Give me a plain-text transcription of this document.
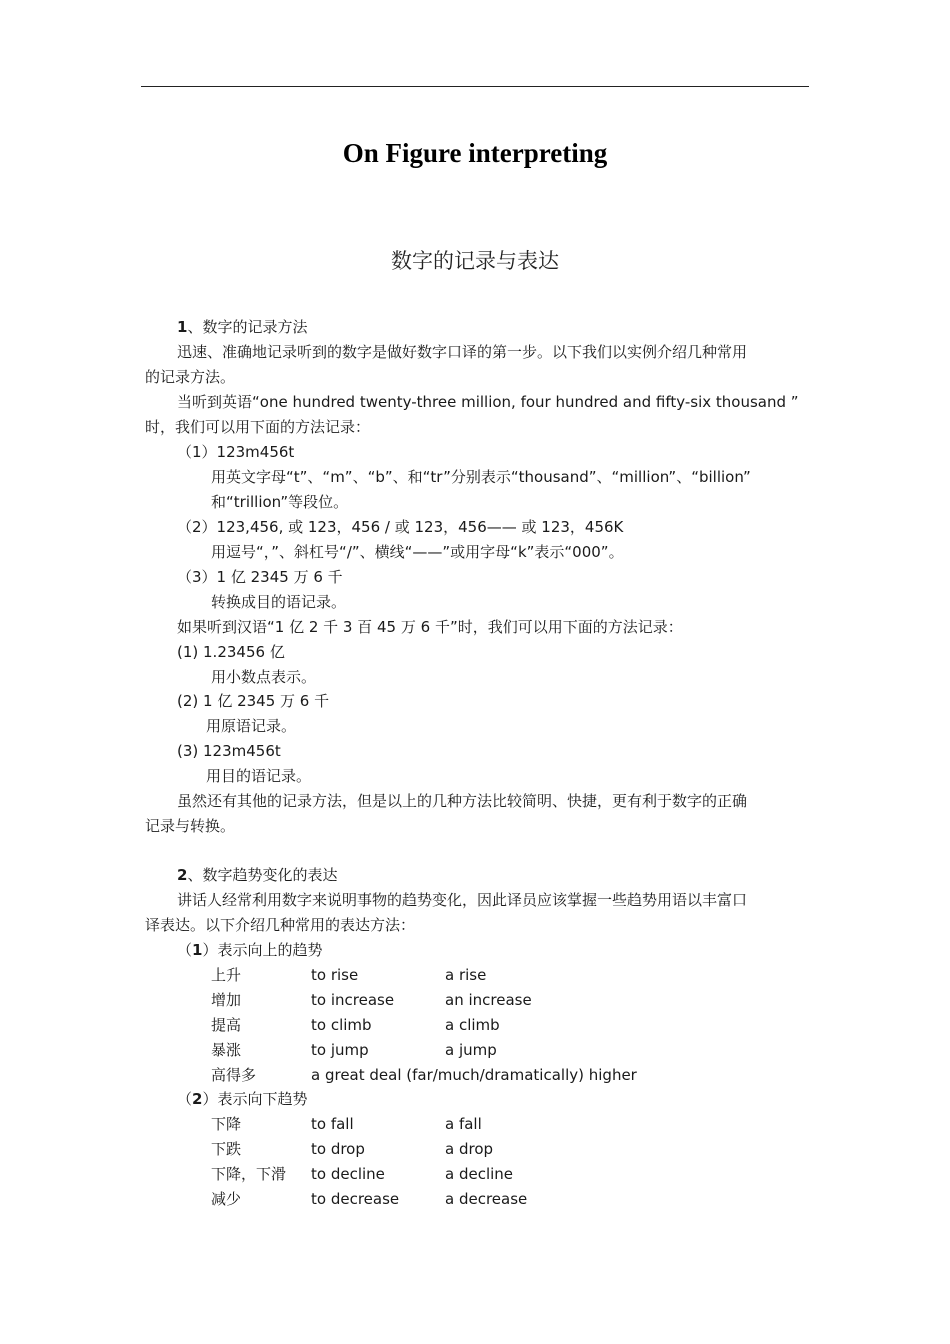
On Figure interpreting
数字的记录与表达
1、数字的记录方法
迅速、准确地记录听到的数字是做好数字口译的第一步。以下我们以实例介绍几种常用
的记录方法。
当听到英语“one hundred twenty-three million, four hundred and fifty-six thousand ”
时，我们可以用下面的方法记录：
（1）123m456t
用英文字母“t”、“m”、“b”、和“tr”分别表示“thousand”、“million”、“billion”
和“trillion”等段位。
（2）123,456, 或 123，456 / 或 123，456—— 或 123，456K
用逗号“，”、斜杠号“/”、横线“——”或用字母“k”表示“000”。
（3）1 亿 2345 万 6 千
转换成目的语记录。
如果听到汉语“1 亿 2 千 3 百 45 万 6 千”时，我们可以用下面的方法记录：
(1) 1.23456 亿
用小数点表示。
(2) 1 亿 2345 万 6 千
用原语记录。
(3) 123m456t
用目的语记录。
虽然还有其他的记录方法，但是以上的几种方法比较简明、快捷，更有利于数字的正确
记录与转换。
2、数字趋势变化的表达
讲话人经常利用数字来说明事物的趋势变化，因此译员应该掌握一些趋势用语以丰富口
译表达。以下介绍几种常用的表达方法：
（1）表示向上的趋势
上升	to rise	a rise
增加	to increase	an increase
提高	to climb	a climb
暴涨	to jump	a jump
高得多	a great deal (far/much/dramatically) higher
（2）表示向下趋势
下降	to fall	a fall
下跌	to drop	a drop
下降，下滑 to decline	a decline
减少	to decrease	a decrease
